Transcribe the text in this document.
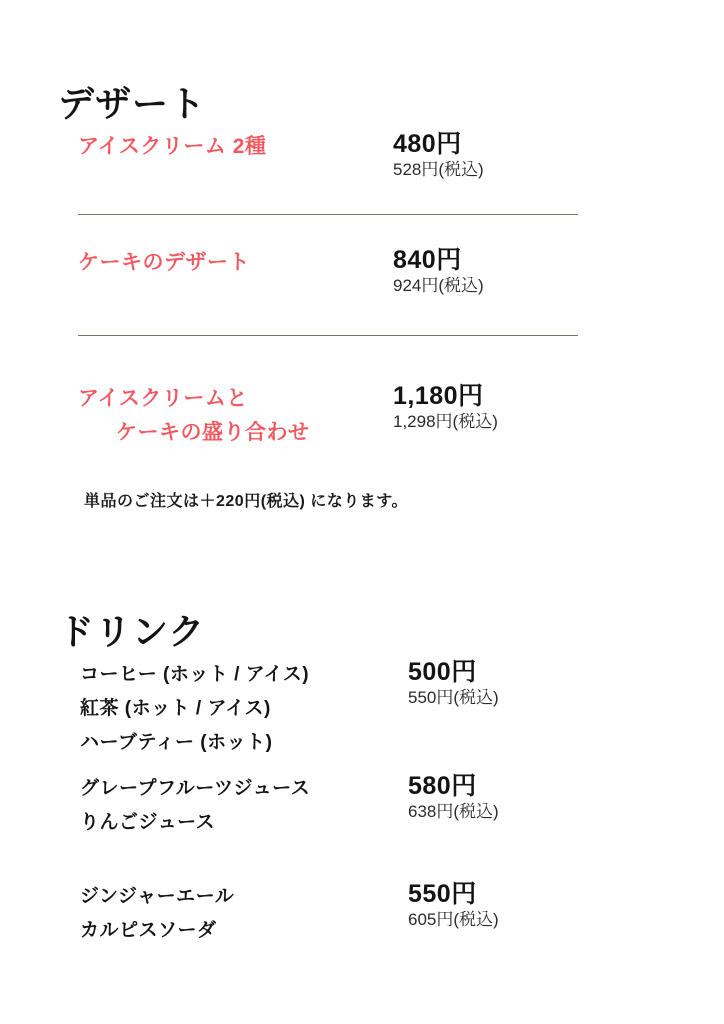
デザート
アイスクリーム 2種	480円
528円(税込)
ケーキのデザート	840円
924円(税込)
アイスクリームと
ケーキの盛り合わせ
1,180円
1,298円(税込)
単品のご注文は＋220円(税込) になります。
ドリンク
コーヒー (ホット / アイス)
紅茶 (ホット / アイス)
ハーブティー (ホット)
500円
550円(税込)
グレープフルーツジュース
りんごジュース
580円
638円(税込)
ジンジャーエール
カルピスソーダ
550円
605円(税込)
